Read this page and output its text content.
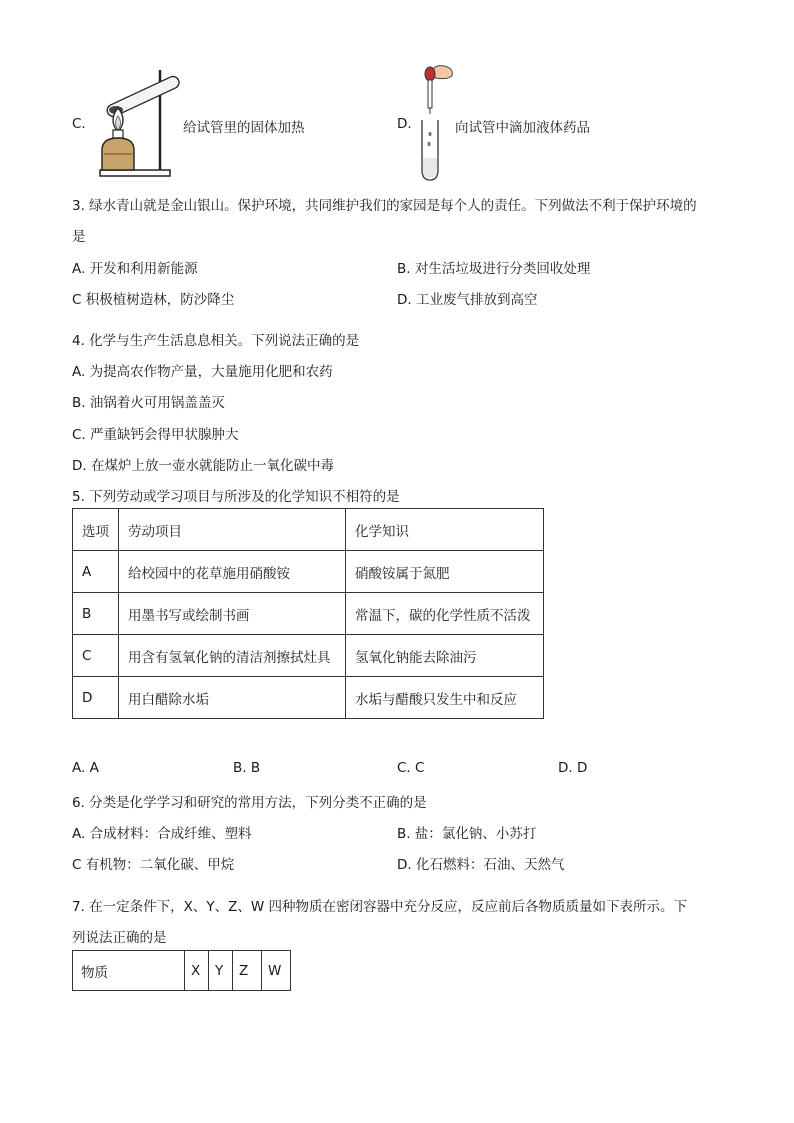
C.	给试管里的固体加热	D.	向试管中滴加液体药品
3. 绿水青山就是金山银山。保护环境，共同维护我们的家园是每个人的责任。下列做法不利于保护环境的
是
A. 开发和利用新能源	B. 对生活垃圾进行分类回收处理
C 积极植树造林，防沙降尘	D. 工业废气排放到高空
4. 化学与生产生活息息相关。下列说法正确的是
A. 为提高农作物产量，大量施用化肥和农药
B. 油锅着火可用锅盖盖灭
C. 严重缺钙会得甲状腺肿大
D. 在煤炉上放一壶水就能防止一氧化碳中毒
5. 下列劳动或学习项目与所涉及的化学知识不相符的是
选项	劳动项目	化学知识
A	给校园中的花草施用硝酸铵	硝酸铵属于氮肥
B	用墨书写或绘制书画	常温下，碳的化学性质不活泼
C	用含有氢氧化钠的清洁剂擦拭灶具	氢氧化钠能去除油污
D	用白醋除水垢	水垢与醋酸只发生中和反应
A. A	B. B	C. C	D. D
6. 分类是化学学习和研究的常用方法，下列分类不正确的是
A. 合成材料：合成纤维、塑料	B. 盐：氯化钠、小苏打
C 有机物：二氧化碳、甲烷	D. 化石燃料：石油、天然气
7. 在一定条件下，X、Y、Z、W 四种物质在密闭容器中充分反应，反应前后各物质质量如下表所示。下
列说法正确的是
物质	X	Y	Z	W
